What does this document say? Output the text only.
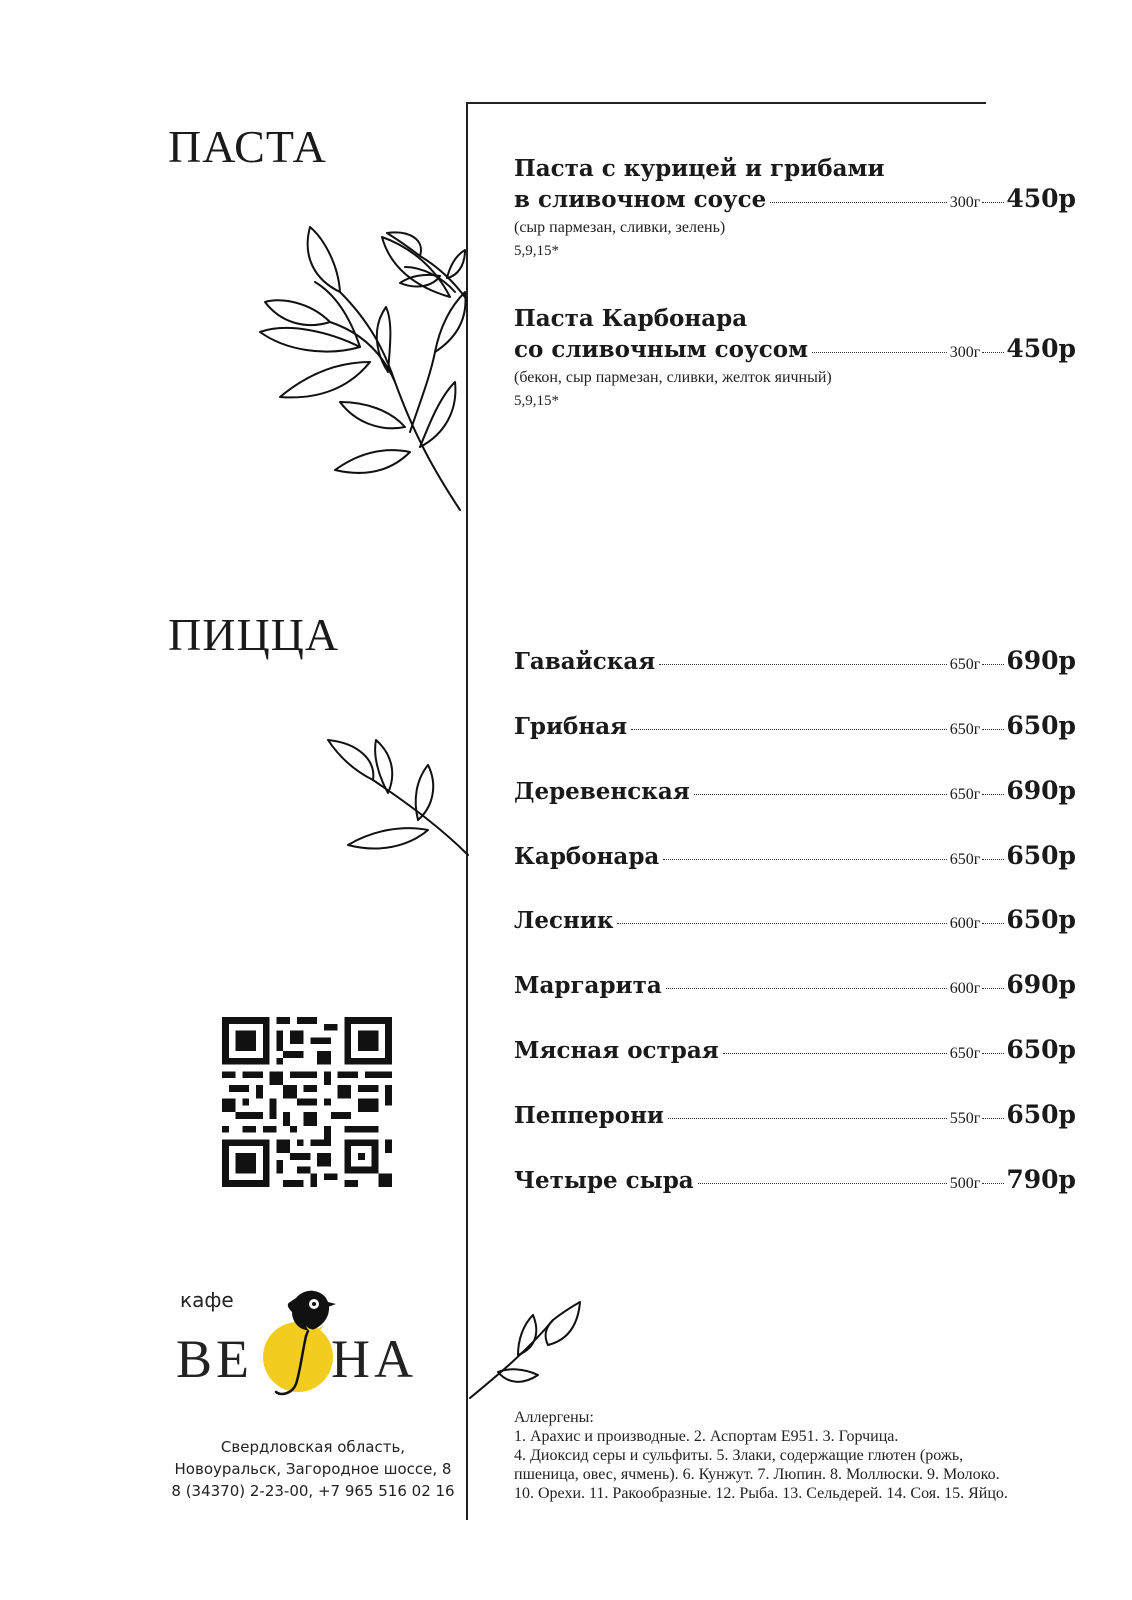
ПАСТА
ПИЦЦА
Паста с курицей и грибами
в сливочном соусе	300г 450р
(сыр пармезан, сливки, зелень)
5,9,15*
Паста Карбонара
со сливочным соусом	300г 450р
(бекон, сыр пармезан, сливки, желток яичный)
5,9,15*
Гавайская	650г 690р
Грибная	650г 650р
Деревенская	650г 690р
Карбонара	650г 650р
Лесник	600г 650р
Маргарита	600г 690р
Мясная острая	650г 650р
Пепперони	550г 650р
Четыре сыра	500г 790р
кафе
ВЕ НА
Свердловская область,
Новоуральск, Загородное шоссе, 8
8 (34370) 2-23-00, +7 965 516 02 16

Аллергены:

1. Арахис и производные. 2. Аспортам Е951. 3. Горчица.

4. Диоксид серы и сульфиты. 5. Злаки, содержащие глютен (рожь,

пшеница, овес, ячмень). 6. Кунжут. 7. Люпин. 8. Моллюски. 9. Молоко.

10. Орехи. 11. Ракообразные. 12. Рыба. 13. Сельдерей. 14. Соя. 15. Яйцо.
